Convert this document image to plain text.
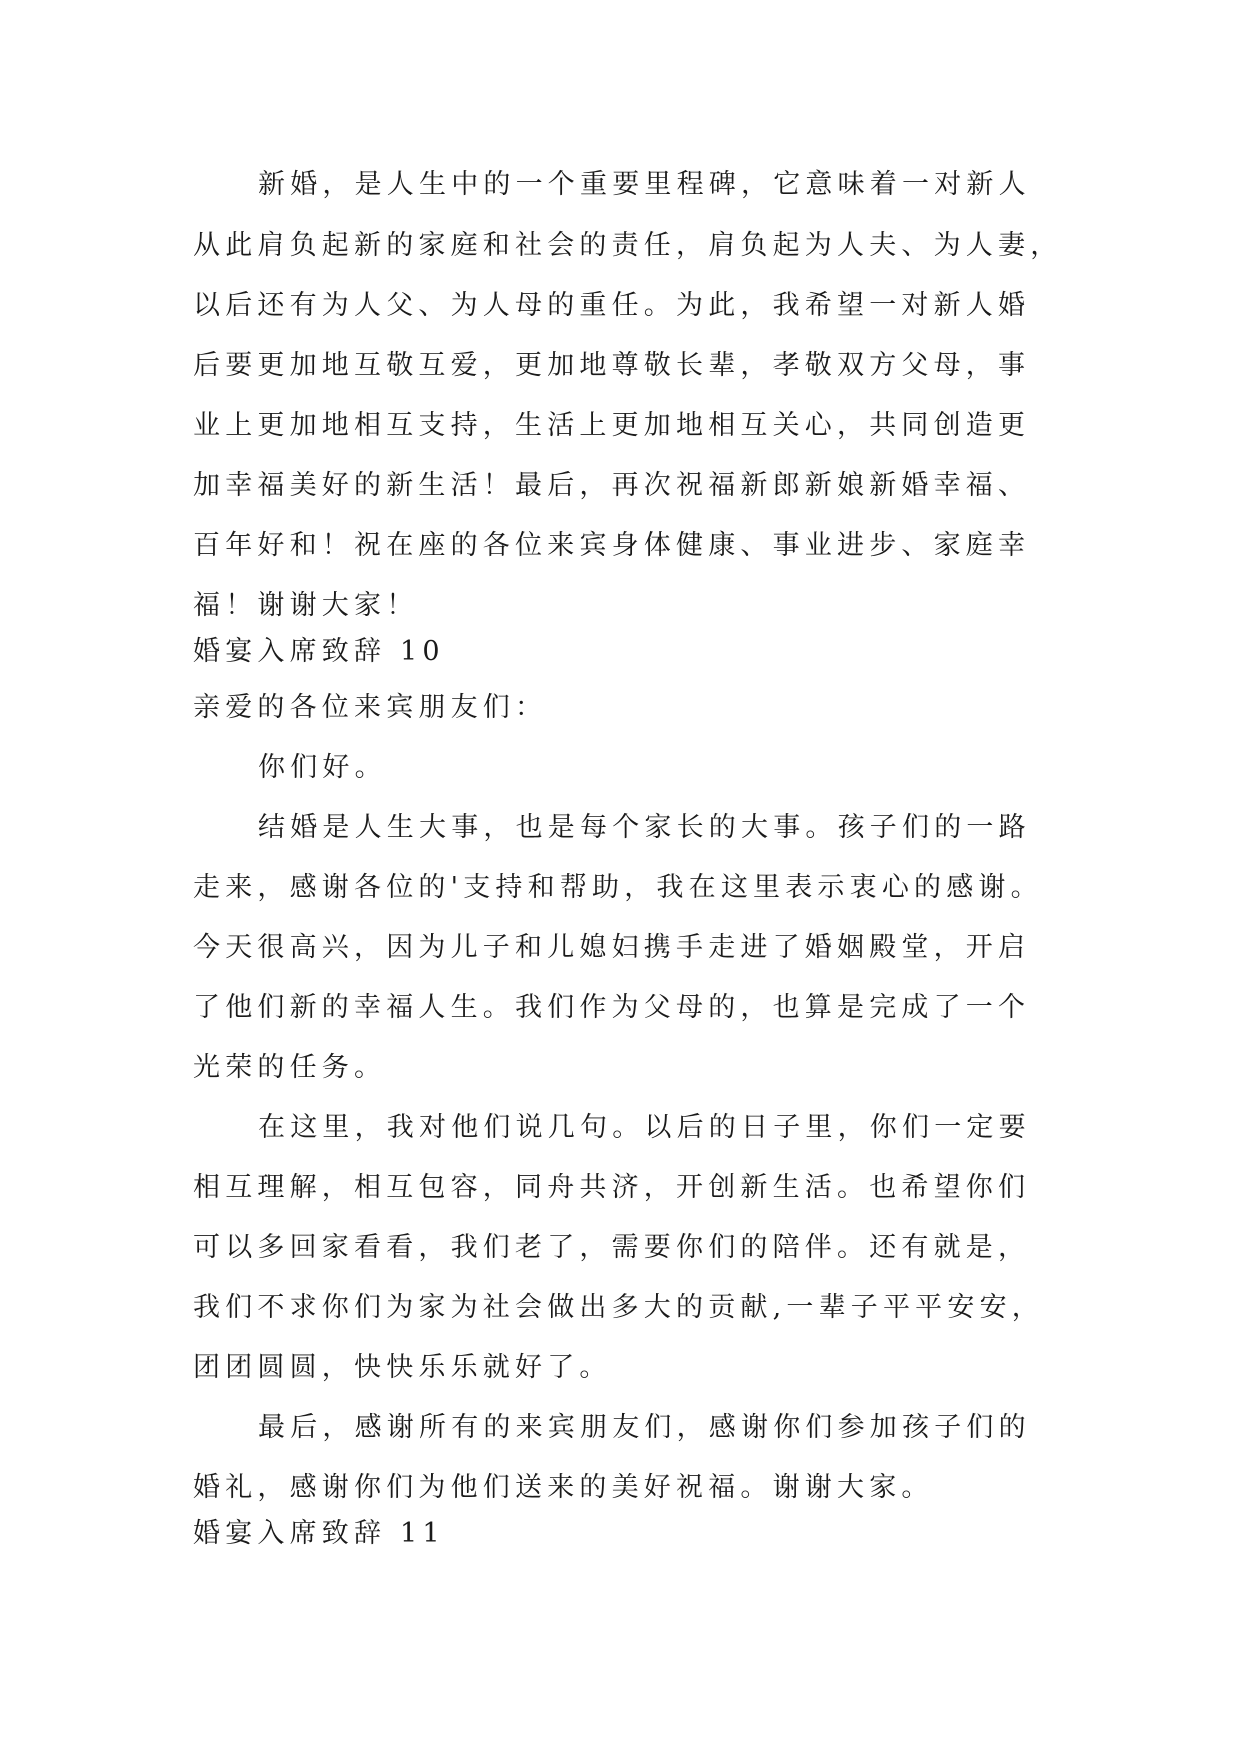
新婚，是人生中的一个重要里程碑，它意味着一对新人
从此肩负起新的家庭和社会的责任，肩负起为人夫、为人妻，
以后还有为人父、为人母的重任。为此，我希望一对新人婚
后要更加地互敬互爱，更加地尊敬长辈，孝敬双方父母，事
业上更加地相互支持，生活上更加地相互关心，共同创造更
加幸福美好的新生活！最后，再次祝福新郎新娘新婚幸福、
百年好和！祝在座的各位来宾身体健康、事业进步、家庭幸
福！谢谢大家！
婚宴入席致辞 10
亲爱的各位来宾朋友们：
你们好。
结婚是人生大事，也是每个家长的大事。孩子们的一路
走来，感谢各位的'支持和帮助，我在这里表示衷心的感谢。
今天很高兴，因为儿子和儿媳妇携手走进了婚姻殿堂，开启
了他们新的幸福人生。我们作为父母的，也算是完成了一个
光荣的任务。
在这里，我对他们说几句。以后的日子里，你们一定要
相互理解，相互包容，同舟共济，开创新生活。也希望你们
可以多回家看看，我们老了，需要你们的陪伴。还有就是，
我们不求你们为家为社会做出多大的贡献,一辈子平平安安，
团团圆圆，快快乐乐就好了。
最后，感谢所有的来宾朋友们，感谢你们参加孩子们的
婚礼，感谢你们为他们送来的美好祝福。谢谢大家。
婚宴入席致辞 11
